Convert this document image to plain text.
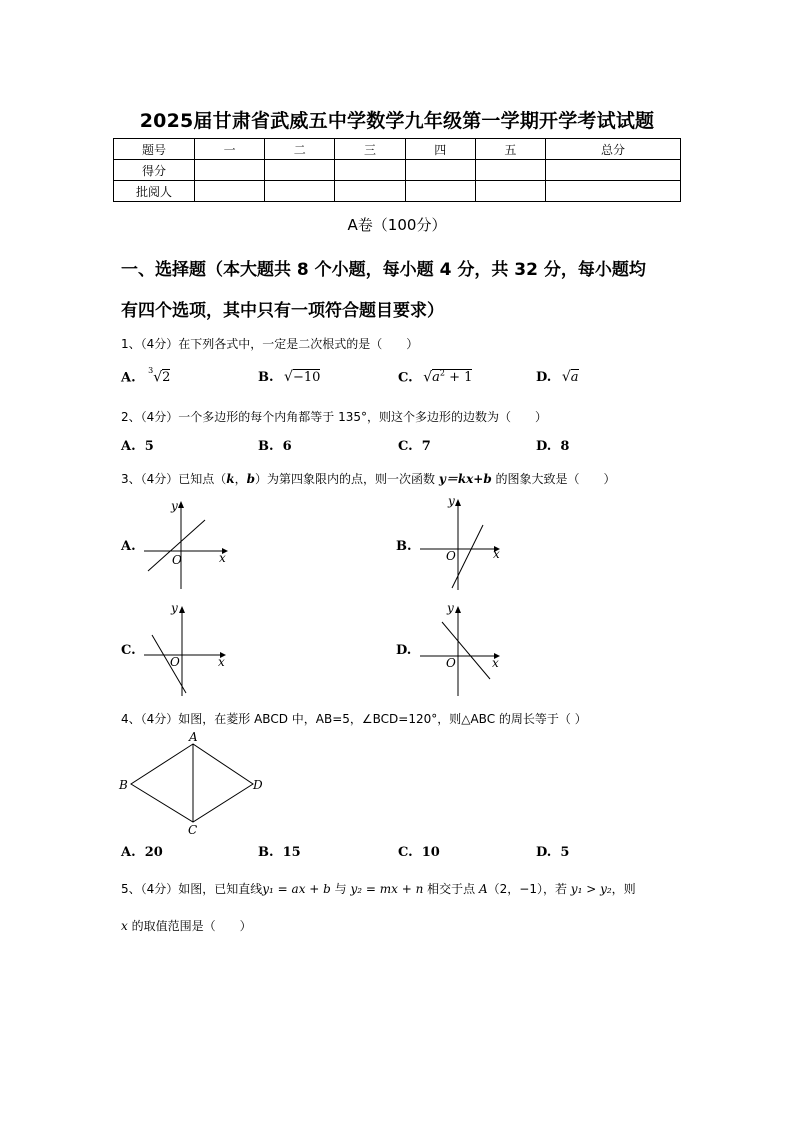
2025届甘肃省武威五中学数学九年级第一学期开学考试试题
题号	一	二	三	四	五	总分
得分						
批阅人						
A卷（100分）
一、选择题（本大题共 8 个小题，每小题 4 分，共 32 分，每小题均
有四个选项，其中只有一项符合题目要求）
1、（4分）在下列各式中，一定是二次根式的是（　　）
A. $^3$√2	B. √−10	C. $√a^2 + 1$	D. √a
2、（4分）一个多边形的每个内角都等于 135°，则这个多边形的边数为（　　）
A. 5	B. 6	C. 7	D. 8
3、（4分）已知点（k，b）为第四象限内的点，则一次函数 y＝kx+b 的图象大致是（　　）
A.	B.
C.	D.
O	x
y
O	x
y
O	x
y
O	x
y
4、（4分）如图，在菱形 ABCD 中，AB=5，∠BCD=120°，则△ABC 的周长等于（ ）
A
B
C
D
A. 20	B. 15	C. 10	D. 5
5、（4分）如图，已知直线y₁ = ax + b 与 y₂ = mx + n 相交于点 A（2，−1），若 y₁ > y₂，则
x 的取值范围是（　　）
